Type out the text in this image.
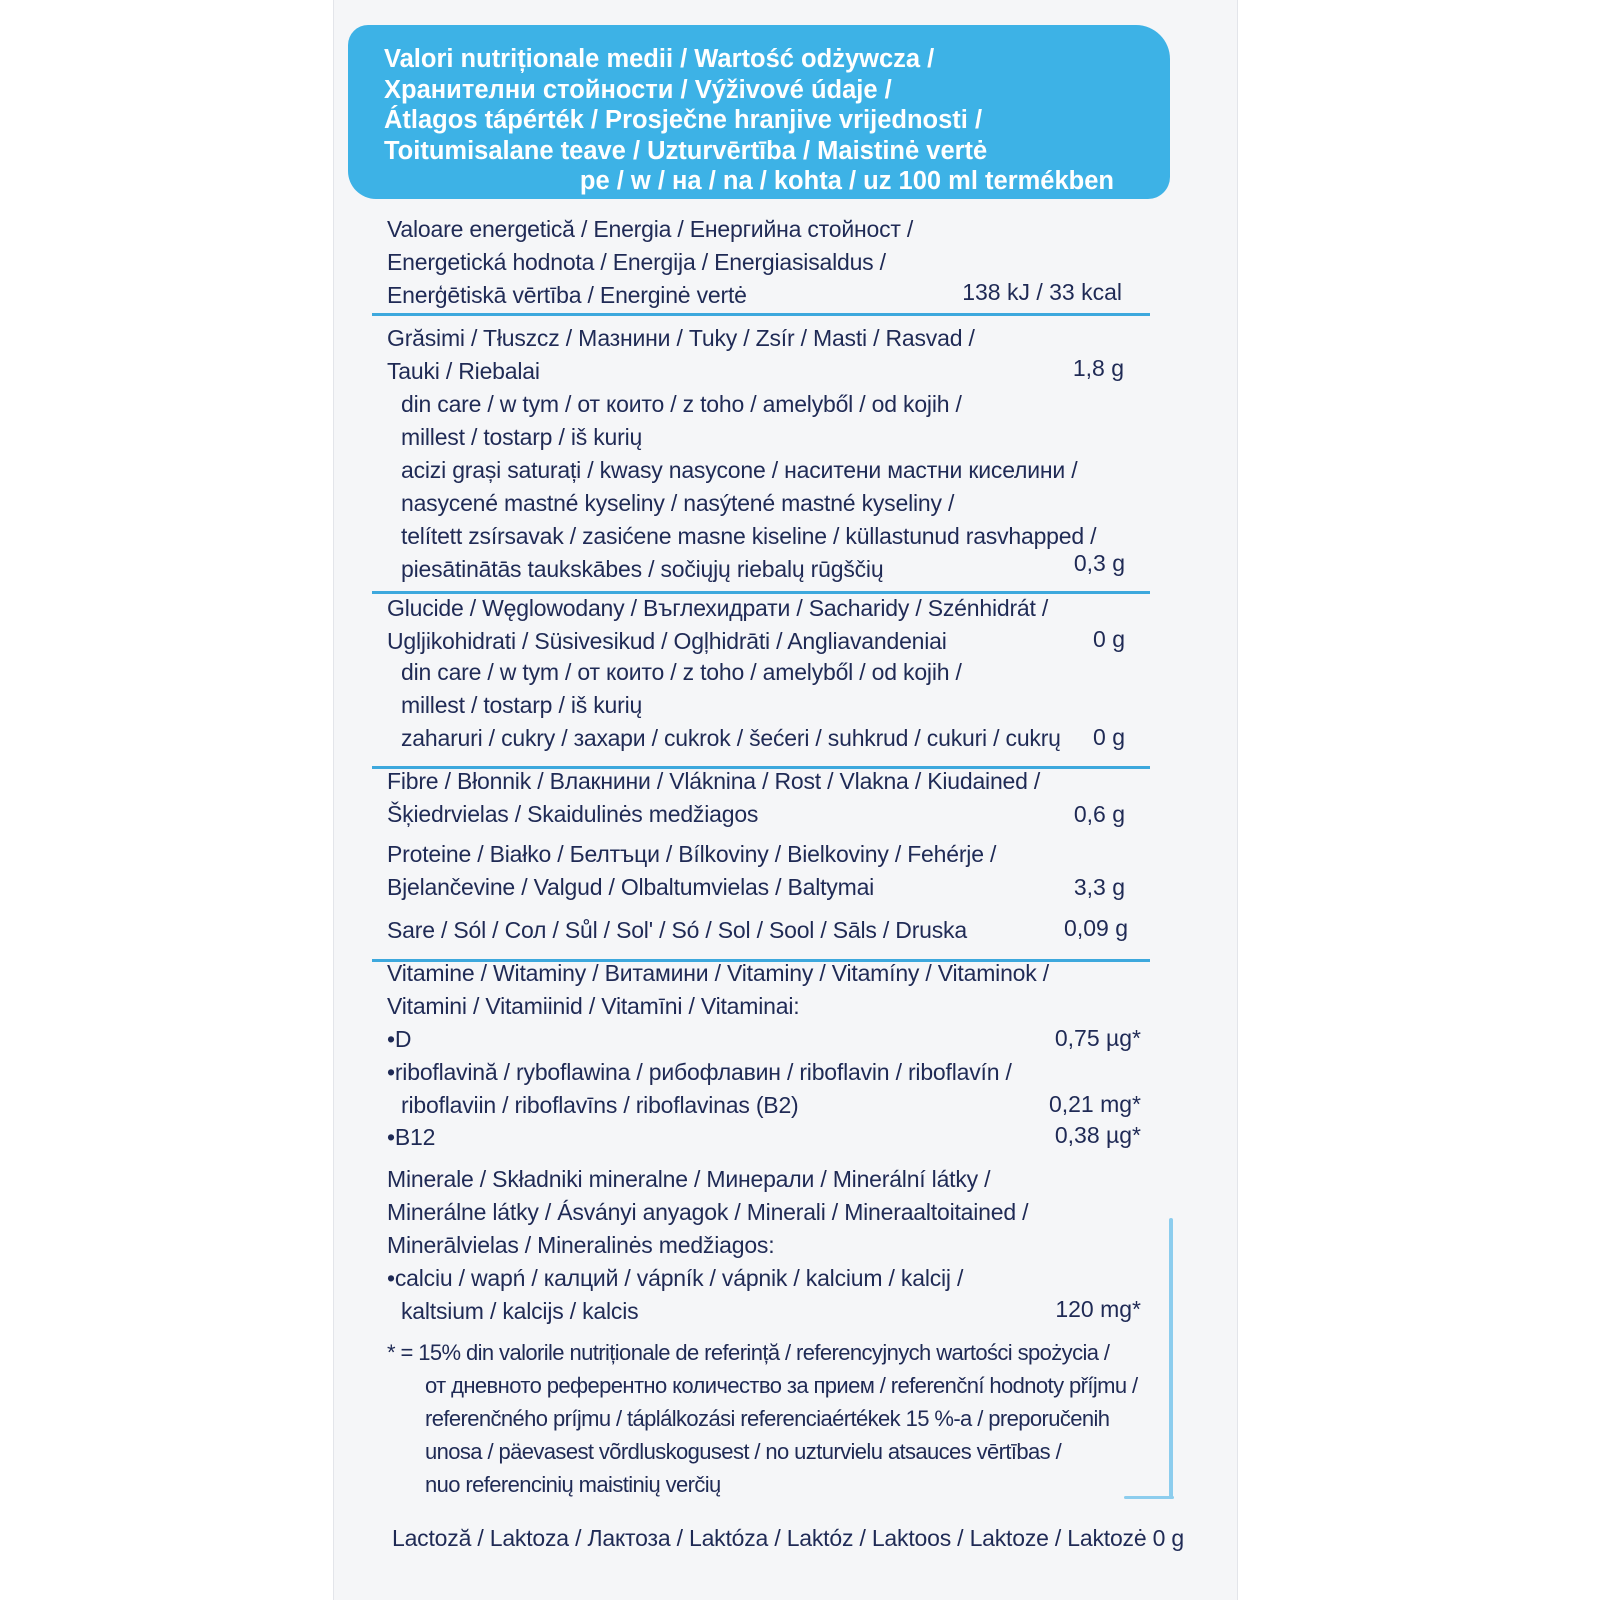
Valori nutriționale medii / Wartość odżywcza /
Хранителни стойности / Výživové údaje /
Átlagos tápérték / Prosječne hranjive vrijednosti /
Toitumisalane teave / Uzturvērtība / Maistinė vertė
pe / w / на / na / kohta / uz 100 ml termékben
Valoare energetică / Energia / Енергийна стойност /
Energetická hodnota / Energija / Energiasisaldus /
Enerģētiskā vērtība / Energinė vertė	138 kJ / 33 kcal
Grăsimi / Tłuszcz / Мазнини / Tuky / Zsír / Masti / Rasvad /
Tauki / Riebalai	1,8 g
din care / w tym / от които / z toho / amelyből / od kojih /
millest / tostarp / iš kurių
acizi grași saturați / kwasy nasycone / наситени мастни киселини /
nasycené mastné kyseliny / nasýtené mastné kyseliny /
telített zsírsavak / zasićene masne kiseline / küllastunud rasvhapped /
piesātinātās taukskābes / sočiųjų riebalų rūgščių	0,3 g
Glucide / Węglowodany / Въглехидрати / Sacharidy / Szénhidrát /
Ugljikohidrati / Süsivesikud / Ogļhidrāti / Angliavandeniai	0 g
din care / w tym / от които / z toho / amelyből / od kojih /
millest / tostarp / iš kurių
zaharuri / cukry / захари / cukrok / šećeri / suhkrud / cukuri / cukrų 0 g
Fibre / Błonnik / Влакнини / Vláknina / Rost / Vlakna / Kiudained /
Šķiedrvielas / Skaidulinės medžiagos	0,6 g
Proteine / Białko / Белтъци / Bílkoviny / Bielkoviny / Fehérje /
Bjelančevine / Valgud / Olbaltumvielas / Baltymai	3,3 g
Sare / Sól / Сол / Sůl / Sol' / Só / Sol / Sool / Sāls / Druska	0,09 g
Vitamine / Witaminy / Витамини / Vitaminy / Vitamíny / Vitaminok /
Vitamini / Vitamiinid / Vitamīni / Vitaminai:
•D	0,75 µg*
•riboflavină / ryboflawina / рибофлавин / riboflavin / riboflavín /
riboflaviin / riboflavīns / riboflavinas (B2)	0,21 mg*
•B12	0,38 µg*
Minerale / Składniki mineralne / Минерали / Minerální látky /
Minerálne látky / Ásványi anyagok / Minerali / Mineraaltoitained /
Minerālvielas / Mineralinės medžiagos:
•calciu / wapń / калций / vápník / vápnik / kalcium / kalcij /
kaltsium / kalcijs / kalcis	120 mg*
* = 15% din valorile nutriționale de referință / referencyjnych wartości spożycia /
от дневното референтно количество за прием / referenční hodnoty příjmu /
referenčného príjmu / táplálkozási referenciaértékek 15 %-a / preporučenih
unosa / päevasest võrdluskogusest / no uzturvielu atsauces vērtības /
nuo referencinių maistinių verčių
Lactoză / Laktoza / Лактоза / Laktóza / Laktóz / Laktoos / Laktoze / Laktozė 0 g
